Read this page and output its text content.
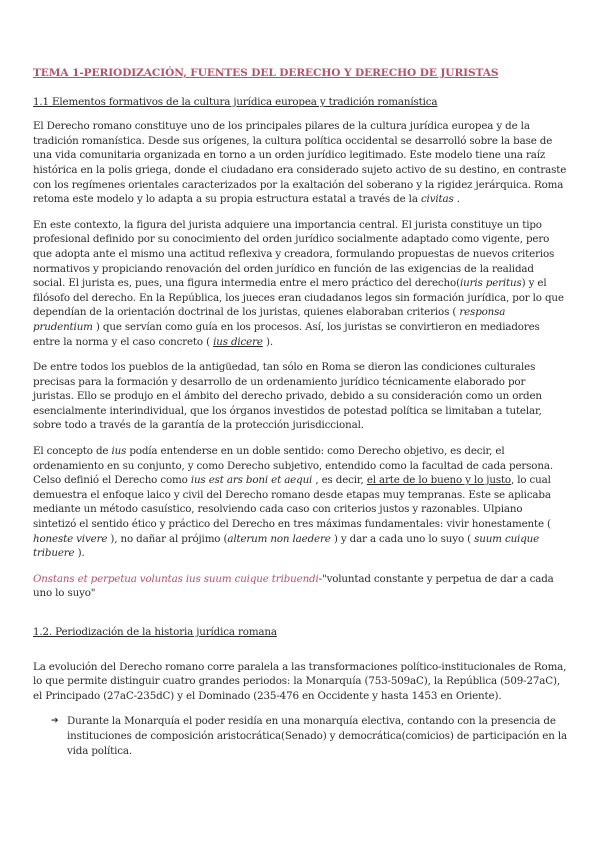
TEMA 1-PERIODIZACIÓN, FUENTES DEL DERECHO Y DERECHO DE JURISTAS
1.1 Elementos formativos de la cultura jurídica europea y tradición romanística

El Derecho romano constituye uno de los principales pilares de la cultura jurídica europea y de la tradición romanística. Desde sus orígenes, la cultura política occidental se desarrolló sobre la base de una vida comunitaria organizada en torno a un orden jurídico legitimado. Este modelo tiene una raíz histórica en la polis griega, donde el ciudadano era considerado sujeto activo de su destino, en contraste con los regímenes orientales caracterizados por la exaltación del soberano y la rigidez jerárquica. Roma retoma este modelo y lo adapta a su propia estructura estatal a través de la civitas .

En este contexto, la figura del jurista adquiere una importancia central. El jurista constituye un tipo profesional definido por su conocimiento del orden jurídico socialmente adaptado como vigente, pero que adopta ante el mismo una actitud reflexiva y creadora, formulando propuestas de nuevos criterios normativos y propiciando renovación del orden jurídico en función de las exigencias de la realidad social. El jurista es, pues, una figura intermedia entre el mero práctico del derecho(iuris peritus) y el filósofo del derecho. En la República, los jueces eran ciudadanos legos sin formación jurídica, por lo que dependían de la orientación doctrinal de los juristas, quienes elaboraban criterios ( responsa prudentium ) que servían como guía en los procesos. Así, los juristas se convirtieron en mediadores entre la norma y el caso concreto ( ius dicere ).

De entre todos los pueblos de la antigüedad, tan sólo en Roma se dieron las condiciones culturales precisas para la formación y desarrollo de un ordenamiento jurídico técnicamente elaborado por juristas. Ello se produjo en el ámbito del derecho privado, debido a su consideración como un orden esencialmente interindividual, que los órganos investidos de potestad política se limitaban a tutelar, sobre todo a través de la garantía de la protección jurisdiccional.

El concepto de ius podía entenderse en un doble sentido: como Derecho objetivo, es decir, el ordenamiento en su conjunto, y como Derecho subjetivo, entendido como la facultad de cada persona. Celso definió el Derecho como ius est ars boni et aequi , es decir, el arte de lo bueno y lo justo, lo cual demuestra el enfoque laico y civil del Derecho romano desde etapas muy tempranas. Este se aplicaba mediante un método casuístico, resolviendo cada caso con criterios justos y razonables. Ulpiano sintetizó el sentido ético y práctico del Derecho en tres máximas fundamentales: vivir honestamente ( honeste vivere ), no dañar al prójimo (alterum non laedere ) y dar a cada uno lo suyo ( suum cuique tribuere ).

Onstans et perpetua voluntas ius suum cuique tribuendi-"voluntad constante y perpetua de dar a cada uno lo suyo"

1.2. Periodización de la historia jurídica romana

La evolución del Derecho romano corre paralela a las transformaciones político-institucionales de Roma, lo que permite distinguir cuatro grandes periodos: la Monarquía (753-509aC), la República (509-27aC), el Principado (27aC-235dC) y el Dominado (235-476 en Occidente y hasta 1453 en Oriente).

➔ Durante la Monarquía el poder residía en una monarquía electiva, contando con la presencia de instituciones de composición aristocrática(Senado) y democrática(comicios) de participación en la vida política.
